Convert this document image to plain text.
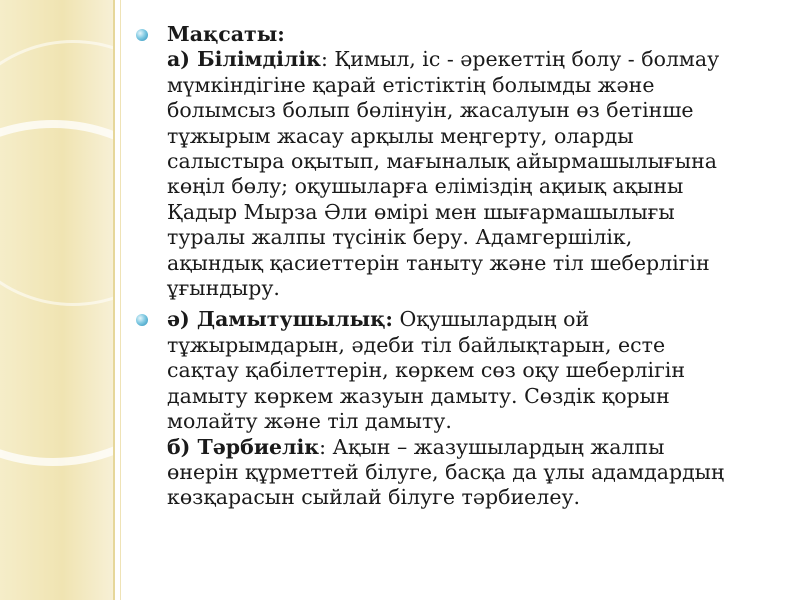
Мақсаты:
а) Білімділік: Қимыл, іс - әрекеттің болу - болмау
мүмкіндігіне қарай етістіктің болымды және
болымсыз болып бөлінуін, жасалуын өз бетінше
тұжырым жасау арқылы меңгерту, оларды
салыстыра оқытып, мағыналық айырмашылығына
көңіл бөлу; оқушыларға еліміздің ақиық ақыны
Қадыр Мырза Әли өмірі мен шығармашылығы
туралы жалпы түсінік беру. Адамгершілік,
ақындық қасиеттерін таныту және тіл шеберлігін
ұғындыру.
ә) Дамытушылық: Оқушылардың ой
тұжырымдарын, әдеби тіл байлықтарын, есте
сақтау қабілеттерін, көркем сөз оқу шеберлігін
дамыту көркем жазуын дамыту. Сөздік қорын
молайту және тіл дамыту.
б) Тәрбиелік: Ақын – жазушылардың жалпы
өнерін құрметтей білуге, басқа да ұлы адамдардың
көзқарасын сыйлай білуге тәрбиелеу.
